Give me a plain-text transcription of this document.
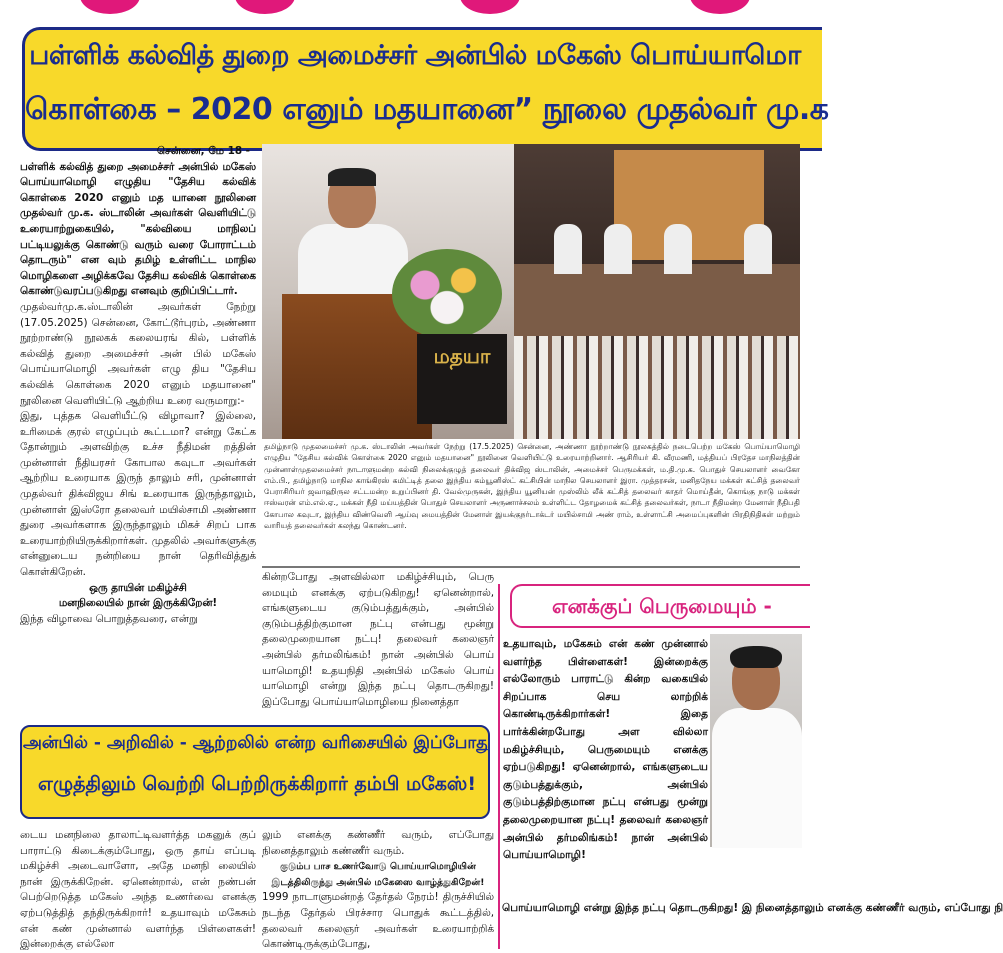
பள்ளிக் கல்வித் துறை அமைச்சர் அன்பில் மகேஸ் பொய்யாமொ
கொள்கை – 2020 எனும் மதயானை” நூலை முதல்வர் மு.க

சென்னை, மே 18 -

பள்ளிக் கல்வித் துறை அமைச்சர் அன்பில் மகேஸ் பொய்யாமொழி எழுதிய "தேசிய கல்விக் கொள்கை 2020 எனும் மத யானை நூலினை முதல்வர் மு.க. ஸ்டாலின் அவர்கள் வெளியிட்டு உரையாற்றுகையில், "கல்வியை மாநிலப் பட்டியலுக்கு கொண்டு வரும் வரை போராட்டம் தொடரும்" என வும் தமிழ் உள்ளிட்ட மாநில மொழிகளை அழிக்கவே தேசிய கல்விக் கொள்கை கொண்டுவரப்படுகிறது எனவும் குறிப்பிட்டார்.

முதல்வர்மு.க.ஸ்டாலின் அவர்கள் நேற்று (17.05.2025) சென்னை, கோட்டூர்புரம், அண்ணா நூற்றாண்டு நூலகக் கலையரங் கில், பள்ளிக் கல்வித் துறை அமைச்சர் அன் பில் மகேஸ் பொய்யாமொழி அவர்கள் எழு திய "தேசிய கல்விக் கொள்கை 2020 எனும் மதயானை" நூலினை வெளியிட்டு ஆற்றிய உரை வருமாறு:-

இது, புத்தக வெளியீட்டு விழாவா? இல்லை, உரிமைக் குரல் எழுப்பும் கூட்டமா? என்று கேட்க தோன்றும் அளவிற்கு உச்ச நீதிமன் றத்தின் முன்னாள் நீதியரசர் கோபால கவுடா அவர்கள் ஆற்றிய உரையாக இருந் தாலும் சரி, முன்னாள் முதல்வர் திக்விஜய சிங் உரையாக இருந்தாலும், முன்னாள் இஸ்ரோ தலைவர் மயில்சாமி அண்ணா துரை அவர்களாக இருந்தாலும் மிகச் சிறப் பாக உரையாற்றியிருக்கிறார்கள். முதலில் அவர்களுக்கு என்னுடைய நன்றியை நான் தெரிவித்துக் கொள்கிறேன்.

ஒரு தாயின் மகிழ்ச்சி

மனநிலையில் நான் இருக்கிறேன்!

இந்த விழாவை பொறுத்தவரை, என்று

மதயா
தமிழ்நாடு முதலமைச்சர் மு.க. ஸ்டாலின் அவர்கள் நேற்று (17.5.2025) சென்னை, அண்ணா நூற்றாண்டு நூலகத்தில் நடைபெற்ற மகேஸ் பொய்யாமொழி எழுதிய "தேசிய கல்விக் கொள்கை 2020 எனும் மதயானை" நூலினை வெளியிட்டு உரையாற்றினார். ஆசிரியர் கி. வீரமணி, மத்தியப் பிரதேச மாநிலத்தின் முன்னாள்முதலமைச்சர் நாடாளுமன்ற கல்வி நிலைக்குழுத் தலைவர் திக்விஜ ஸ்டாலின், அமைச்சர் பெருமக்கள், ம.தி.மு.க. பொதுச் செயலாளர் வைகோ எம்.பி., தமிழ்நாடு மாநில காங்கிரஸ் கமிட்டித் தலை இந்திய கம்யூனிஸ்ட் கட்சியின் மாநில செயலாளர் இரா. முத்தரசன், மனிதநேய மக்கள் கட்சித் தலைவர் பேராசிரியர் ஜவாஹிருல சட்டமன்ற உறுப்பினர் தி. வேல்முருகன், இந்திய யூனியன் முஸ்லிம் லீக் கட்சித் தலைவர் காதர் மொய்தீன், கொங்கு நாடு மக்கள் ஈஸ்வரன் எம்.எல்.ஏ., மக்கள் நீதி மய்யத்தின் பொதுச் செயலாளர் அருணாச்சலம் உள்ளிட்ட தோழமைக் கட்சித் தலைவர்கள், நாடா நீதிமன்ற மேனாள் நீதிபதி கோபால கவுடா, இந்திய விண்வெளி ஆய்வு மையத்தின் மேனாள் இயக்குநர்டாக்டர் மயில்சாமி அண் ராம், உள்ளாட்சி அமைப்புகளின் பிரதிநிதிகள் மற்றும் வாரியத் தலைவர்கள் கலந்து கொண்டனர்.

கின்றபோது அளவில்லா மகிழ்ச்சியும், பெரு மையும் எனக்கு ஏற்படுகிறது! ஏனென்றால், எங்களுடைய குடும்பத்துக்கும், அன்பில் குடும்பத்திற்குமான நட்பு என்பது மூன்று தலைமுறையான நட்பு! தலைவர் கலைஞர் அன்பில் தர்மலிங்கம்! நான் அன்பில் பொய் யாமொழி! உதயநிதி அன்பில் மகேஸ் பொய் யாமொழி என்று இந்த நட்பு தொடருகிறது! இப்போது பொய்யாமொழியை நினைத்தா

எனக்குப் பெருமையும் -
உதயாவும், மகேசும் என் கண் முன்னால் வளர்ந்த பிள்ளைகள்! இன்றைக்கு எல்லோரும் பாராட்டு கின்ற வகையில் சிறப்பாக செய லாற்றிக் கொண்டிருக்கிறார்கள்! இதை பார்க்கின்றபோது அள வில்லா மகிழ்ச்சியும், பெருமையும் எனக்கு ஏற்படுகிறது! ஏனென்றால், எங்களுடைய குடும்பத்துக்கும், அன்பில் குடும்பத்திற்குமான நட்பு என்பது மூன்று தலைமுறையான நட்பு! தலைவர் கலைஞர் அன்பில் தர்மலிங்கம்! நான் அன்பில் பொய்யாமொழி!
பொய்யாமொழி என்று இந்த நட்பு தொடருகிறது! இ நினைத்தாலும் எனக்கு கண்ணீர் வரும், எப்போது நி
அன்பில் - அறிவில் - ஆற்றலில் என்ற வரிசையில் இப்போது
எழுத்திலும் வெற்றி பெற்றிருக்கிறார் தம்பி மகேஸ்!

டைய மனநிலை தாலாட்டிவளர்த்த மகனுக் குப் பாராட்டு கிடைக்கும்போது, ஒரு தாய் எப்படி மகிழ்ச்சி அடைவாளோ, அதே மனநி லையில் நான் இருக்கிறேன். ஏனென்றால், என் நண்பன் பெற்றெடுத்த மகேஸ் அந்த உணர்வை எனக்கு ஏற்படுத்தித் தந்திருக்கிறார்! உதயாவும் மகேசும் என் கண் முன்னால் வளர்ந்த பிள்ளைகள்! இன்றைக்கு எல்லோ

லும் எனக்கு கண்ணீர் வரும், எப்போது நினைத்தாலும் கண்ணீர் வரும்.

குடும்ப பாச உணர்வோடு பொய்யாமொழியின்

இடத்திலிருந்து அன்பில் மகேஸை வாழ்த்துகிறேன்!

1999 நாடாளுமன்றத் தேர்தல் நேரம்! திருச்சியில் நடந்த தேர்தல் பிரச்சார பொதுக் கூட்டத்தில், தலைவர் கலைஞர் அவர்கள் உரையாற்றிக் கொண்டிருக்கும்போது,
